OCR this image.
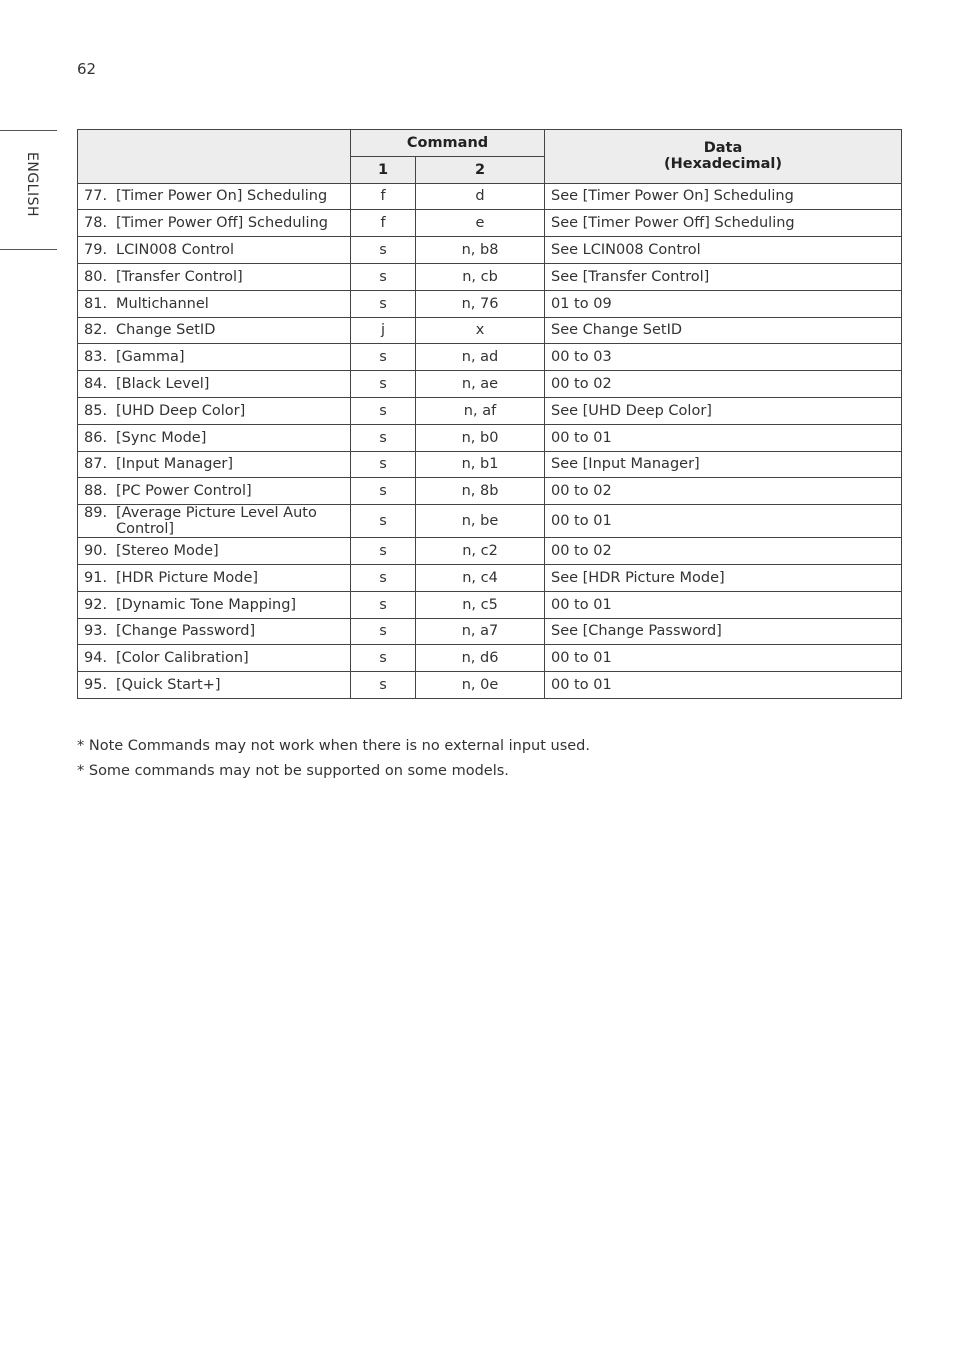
62
ENGLISH
	Command		Data
(Hexadecimal)
	1	2	

77. [Timer Power On] Scheduling	f	d	See [Timer Power On] Scheduling

78. [Timer Power Off] Scheduling	f	e	See [Timer Power Off] Scheduling

79. LCIN008 Control	s	n, b8	See LCIN008 Control

80. [Transfer Control]	s	n, cb	See [Transfer Control]

81. Multichannel	s	n, 76	01 to 09

82. Change SetID	j	x	See Change SetID

83. [Gamma]	s	n, ad	00 to 03

84. [Black Level]	s	n, ae	00 to 02

85. [UHD Deep Color]	s	n, af	See [UHD Deep Color]

86. [Sync Mode]	s	n, b0	00 to 01

87. [Input Manager]	s	n, b1	See [Input Manager]

88. [PC Power Control]	s	n, 8b	00 to 02

89. [Average Picture Level Auto Control]	s	n, be	00 to 01

90. [Stereo Mode]	s	n, c2	00 to 02

91. [HDR Picture Mode]	s	n, c4	See [HDR Picture Mode]

92. [Dynamic Tone Mapping]	s	n, c5	00 to 01

93. [Change Password]	s	n, a7	See [Change Password]

94. [Color Calibration]	s	n, d6	00 to 01

95. [Quick Start+]	s	n, 0e	00 to 01

* Note Commands may not work when there is no external input used.

* Some commands may not be supported on some models.
